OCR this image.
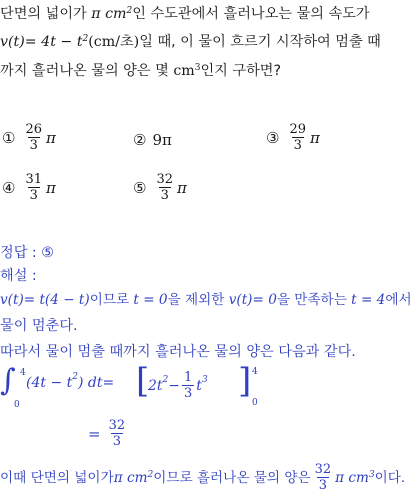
단면의 넓이가 π $cm^2$인 수도관에서 흘러나오는 물의 속도가
$v(t)= 4t - t^2(cm/$초)일 때, 이 물이 흐르기 시작하여 멈출 때
까지 흘러나온 물의 양은 몇 $cm^3$인지 구하면?
① $\frac{26}{3}$ π	② 9π	③ $\frac{29}{3}$ π
④ $\frac{31}{3}$ π	⑤ $\frac{32}{3}$ π
정답 : ⑤
해설 :
v(t)= t(4 − t)이므로 t = 0을 제외한 v(t)= 0을 만족하는 t = 4에서
물이 멈춘다.
따라서 물이 멈출 때까지 흘러나온 물의 양은 다음과 같다.
∫ 4
0
$(4t - t^2)$ dt= [
$2t^2 - \frac{1}{3} t^3$ ] 4
0
= $\frac{32}{3}$
이때 단면의 넓이가 π $cm^2$ 이므로 흘러나온 물의 양은 $\frac{32}{3}$ π $cm^3$ 이다.
